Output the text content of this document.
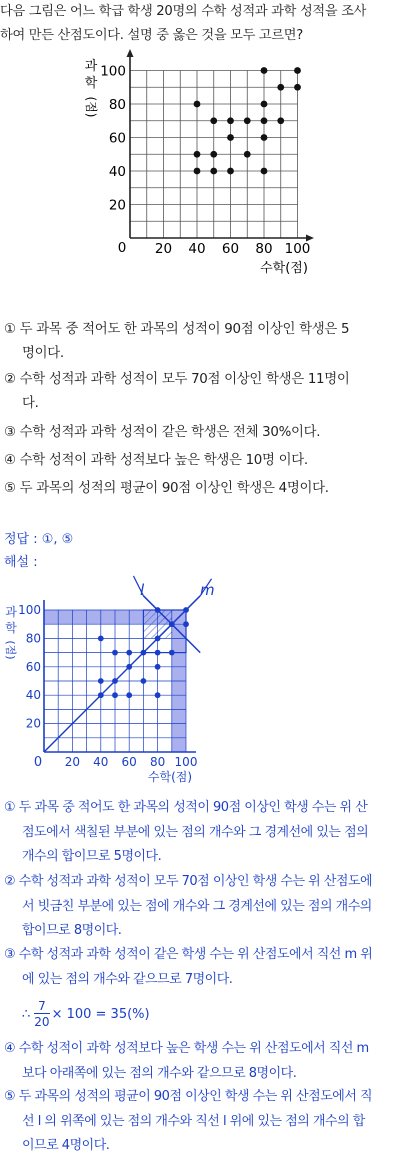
다음 그림은 어느 학급 학생 20명의 수학 성적과 과학 성적을 조사
하여 만든 산점도이다. 설명 중 옳은 것을 모두 고르면?
20 40 60 80 100
20
40
60
80
100
0
과
학
(점)
수학(점)
① 두 과목 중 적어도 한 과목의 성적이 90점 이상인 학생은 5
명이다.
② 수학 성적과 과학 성적이 모두 70점 이상인 학생은 11명이
다.
③ 수학 성적과 과학 성적이 같은 학생은 전체 30%이다.
④ 수학 성적이 과학 성적보다 높은 학생은 10명 이다.
⑤ 두 과목의 성적의 평균이 90점 이상인 학생은 4명이다.
정답 : ①, ⑤
해설 :
20 40 60 80 100
20
40
60
80
100
0
과
학
(점)
수학(점)
l	m
① 두 과목 중 적어도 한 과목의 성적이 90점 이상인 학생 수는 위 산
점도에서 색칠된 부분에 있는 점의 개수와 그 경계선에 있는 점의
개수의 합이므로 5명이다.
② 수학 성적과 과학 성적이 모두 70점 이상인 학생 수는 위 산점도에
서 빗금친 부분에 있는 점에 개수와 그 경계선에 있는 점의 개수의
합이므로 8명이다.
③ 수학 성적과 과학 성적이 같은 학생 수는 위 산점도에서 직선 m 위
에 있는 점의 개수와 같으므로 7명이다.
∴ $\frac{7}{20} \times 100 = 35(\%)$
④ 수학 성적이 과학 성적보다 높은 학생 수는 위 산점도에서 직선 m
보다 아래쪽에 있는 점의 개수와 같으므로 8명이다.
⑤ 두 과목의 성적의 평균이 90점 이상인 학생 수는 위 산점도에서 직
선 l 의 위쪽에 있는 점의 개수와 직선 l 위에 있는 점의 개수의 합
이므로 4명이다.
